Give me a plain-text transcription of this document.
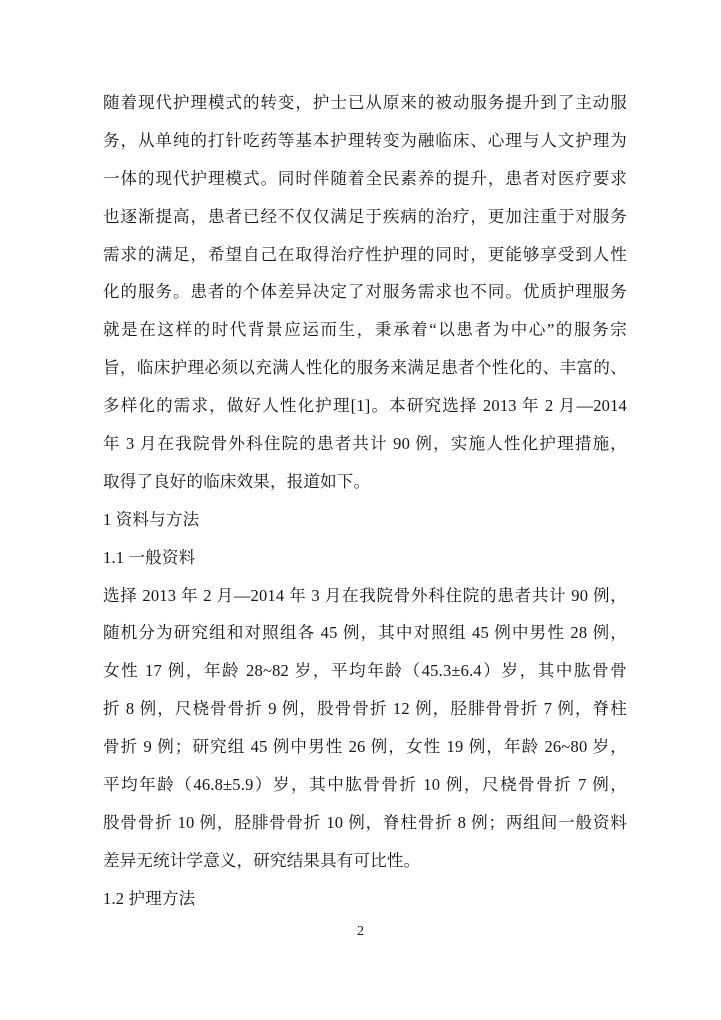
随着现代护理模式的转变，护士已从原来的被动服务提升到了主动服
务，从单纯的打针吃药等基本护理转变为融临床、心理与人文护理为
一体的现代护理模式。同时伴随着全民素养的提升，患者对医疗要求
也逐渐提高，患者已经不仅仅满足于疾病的治疗，更加注重于对服务
需求的满足，希望自己在取得治疗性护理的同时，更能够享受到人性
化的服务。患者的个体差异决定了对服务需求也不同。优质护理服务
就是在这样的时代背景应运而生，秉承着“以患者为中心”的服务宗
旨，临床护理必须以充满人性化的服务来满足患者个性化的、丰富的、
多样化的需求，做好人性化护理[1]。本研究选择 2013 年 2 月—2014
年 3 月在我院骨外科住院的患者共计 90 例，实施人性化护理措施，
取得了良好的临床效果，报道如下。
1 资料与方法
1.1 一般资料
选择 2013 年 2 月—2014 年 3 月在我院骨外科住院的患者共计 90 例，
随机分为研究组和对照组各 45 例，其中对照组 45 例中男性 28 例，
女性 17 例，年龄 28~82 岁，平均年龄（45.3±6.4）岁，其中肱骨骨
折 8 例，尺桡骨骨折 9 例，股骨骨折 12 例，胫腓骨骨折 7 例，脊柱
骨折 9 例；研究组 45 例中男性 26 例，女性 19 例，年龄 26~80 岁，
平均年龄（46.8±5.9）岁，其中肱骨骨折 10 例，尺桡骨骨折 7 例，
股骨骨折 10 例，胫腓骨骨折 10 例，脊柱骨折 8 例；两组间一般资料
差异无统计学意义，研究结果具有可比性。
1.2 护理方法
2
